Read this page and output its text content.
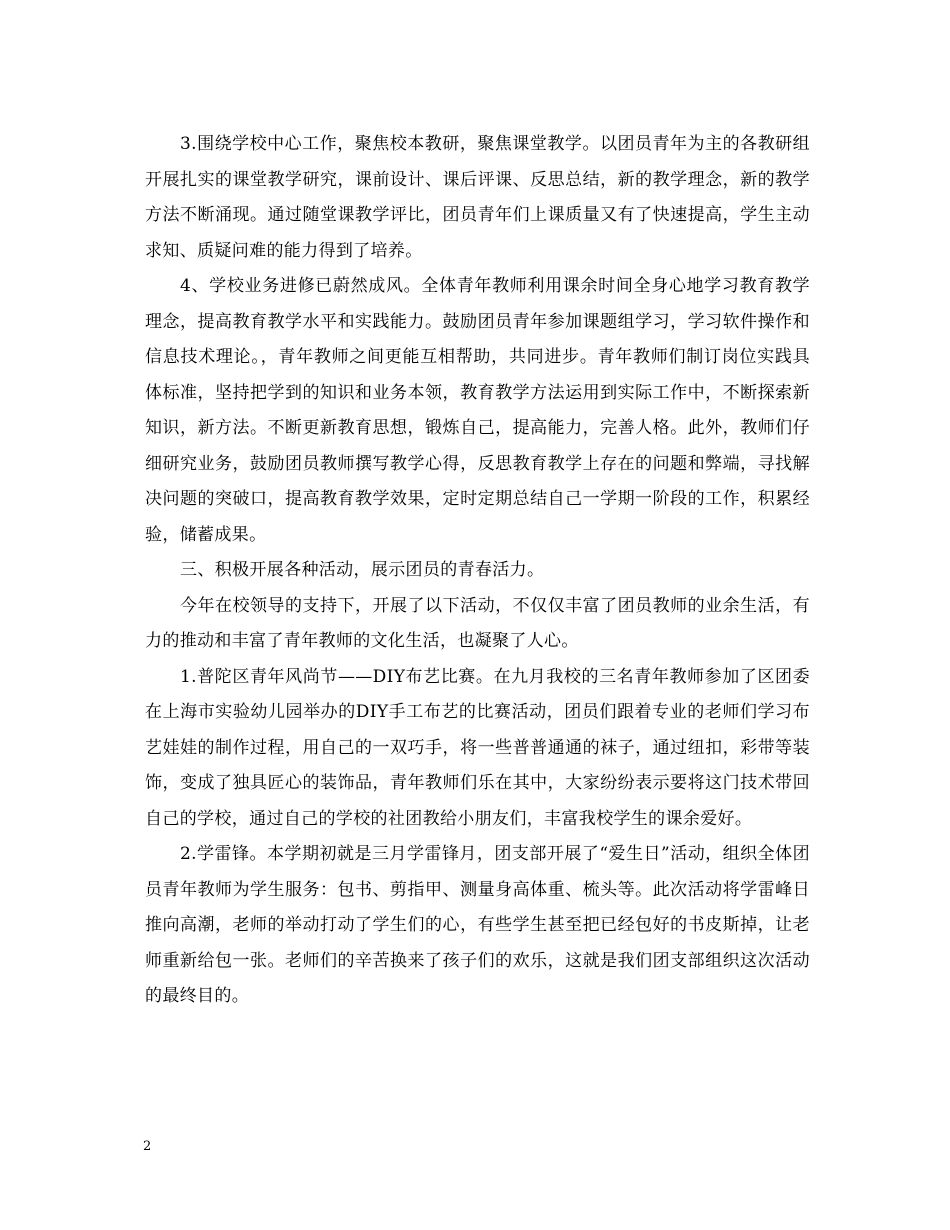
3.围绕学校中心工作，聚焦校本教研，聚焦课堂教学。以团员青年为主的各教研组开展扎实的课堂教学研究，课前设计、课后评课、反思总结，新的教学理念，新的教学方法不断涌现。通过随堂课教学评比，团员青年们上课质量又有了快速提高，学生主动求知、质疑问难的能力得到了培养。

4、学校业务进修已蔚然成风。全体青年教师利用课余时间全身心地学习教育教学理念，提高教育教学水平和实践能力。鼓励团员青年参加课题组学习，学习软件操作和信息技术理论。，青年教师之间更能互相帮助，共同进步。青年教师们制订岗位实践具体标准，坚持把学到的知识和业务本领，教育教学方法运用到实际工作中，不断探索新知识，新方法。不断更新教育思想，锻炼自己，提高能力，完善人格。此外，教师们仔细研究业务，鼓励团员教师撰写教学心得，反思教育教学上存在的问题和弊端，寻找解决问题的突破口，提高教育教学效果，定时定期总结自己一学期一阶段的工作，积累经验，储蓄成果。

三、积极开展各种活动，展示团员的青春活力。

今年在校领导的支持下，开展了以下活动，不仅仅丰富了团员教师的业余生活，有力的推动和丰富了青年教师的文化生活，也凝聚了人心。

1.普陀区青年风尚节——DIY布艺比赛。在九月我校的三名青年教师参加了区团委在上海市实验幼儿园举办的DIY手工布艺的比赛活动，团员们跟着专业的老师们学习布艺娃娃的制作过程，用自己的一双巧手，将一些普普通通的袜子，通过纽扣，彩带等装饰，变成了独具匠心的装饰品，青年教师们乐在其中，大家纷纷表示要将这门技术带回自己的学校，通过自己的学校的社团教给小朋友们，丰富我校学生的课余爱好。

2.学雷锋。本学期初就是三月学雷锋月，团支部开展了“爱生日”活动，组织全体团员青年教师为学生服务：包书、剪指甲、测量身高体重、梳头等。此次活动将学雷峰日推向高潮，老师的举动打动了学生们的心，有些学生甚至把已经包好的书皮斯掉，让老师重新给包一张。老师们的辛苦换来了孩子们的欢乐，这就是我们团支部组织这次活动的最终目的。

2
